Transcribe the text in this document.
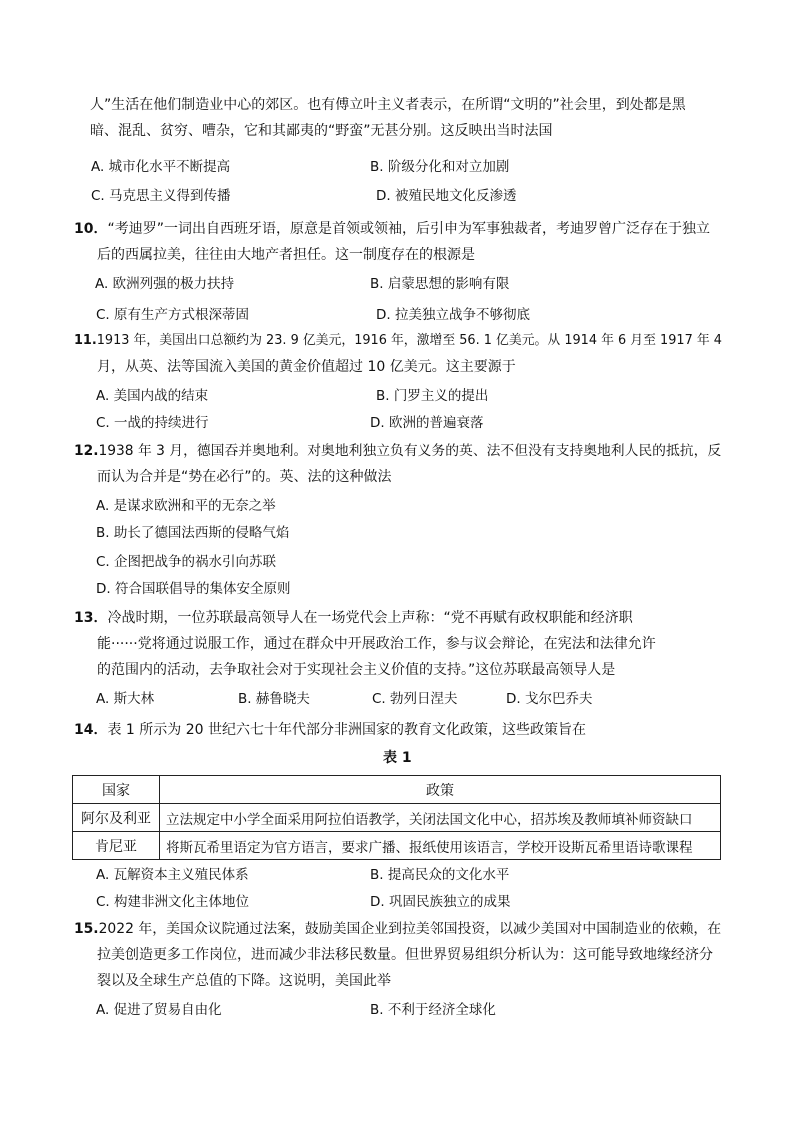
人”生活在他们制造业中心的郊区。也有傅立叶主义者表示，在所谓“文明的”社会里，到处都是黑
暗、混乱、贫穷、嘈杂，它和其鄙夷的“野蛮”无甚分别。这反映出当时法国
A. 城市化水平不断提高	B. 阶级分化和对立加剧
C. 马克思主义得到传播	D. 被殖民地文化反渗透
10．“考迪罗”一词出自西班牙语，原意是首领或领袖，后引申为军事独裁者，考迪罗曾广泛存在于独立
后的西属拉美，往往由大地产者担任。这一制度存在的根源是
A. 欧洲列强的极力扶持	B. 启蒙思想的影响有限
C. 原有生产方式根深蒂固	D. 拉美独立战争不够彻底
11.1913 年，美国出口总额约为 23. 9 亿美元，1916 年，激增至 56. 1 亿美元。从 1914 年 6 月至 1917 年 4
月，从英、法等国流入美国的黄金价值超过 10 亿美元。这主要源于
A. 美国内战的结束	B. 门罗主义的提出
C. 一战的持续进行	D. 欧洲的普遍衰落
12.1938 年 3 月，德国吞并奥地利。对奥地利独立负有义务的英、法不但没有支持奥地利人民的抵抗，反
而认为合并是“势在必行”的。英、法的这种做法
A. 是谋求欧洲和平的无奈之举
B. 助长了德国法西斯的侵略气焰
C. 企图把战争的祸水引向苏联
D. 符合国联倡导的集体安全原则
13．冷战时期，一位苏联最高领导人在一场党代会上声称：“党不再赋有政权职能和经济职
能······党将通过说服工作，通过在群众中开展政治工作，参与议会辩论，在宪法和法律允许
的范围内的活动，去争取社会对于实现社会主义价值的支持。”这位苏联最高领导人是
A. 斯大林	B. 赫鲁晓夫	C. 勃列日涅夫	D. 戈尔巴乔夫
14．表 1 所示为 20 世纪六七十年代部分非洲国家的教育文化政策，这些政策旨在
表 1
国家	政策
阿尔及利亚	立法规定中小学全面采用阿拉伯语教学，关闭法国文化中心，招苏埃及教师填补师资缺口
肯尼亚	将斯瓦希里语定为官方语言，要求广播、报纸使用该语言，学校开设斯瓦希里语诗歌课程
A. 瓦解资本主义殖民体系	B. 提高民众的文化水平
C. 构建非洲文化主体地位	D. 巩固民族独立的成果
15.2022 年，美国众议院通过法案，鼓励美国企业到拉美邻国投资，以减少美国对中国制造业的依赖，在
拉美创造更多工作岗位，进而减少非法移民数量。但世界贸易组织分析认为：这可能导致地缘经济分
裂以及全球生产总值的下降。这说明，美国此举
A. 促进了贸易自由化	B. 不利于经济全球化
